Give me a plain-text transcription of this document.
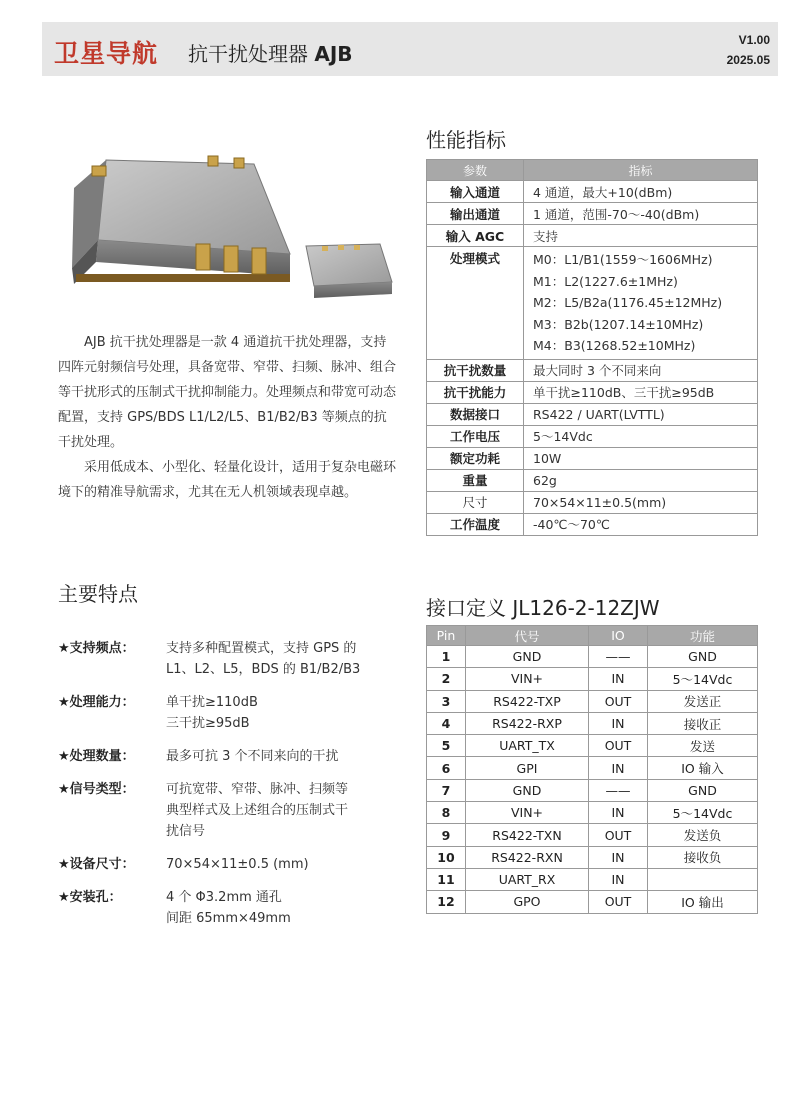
卫星导航 抗干扰处理器 AJB
V1.00
2025.05

AJB 抗干扰处理器是一款 4 通道抗干扰处理器，支持四阵元射频信号处理，具备宽带、窄带、扫频、脉冲、组合等干扰形式的压制式干扰抑制能力。处理频点和带宽可动态配置，支持 GPS/BDS L1/L2/L5、B1/B2/B3 等频点的抗干扰处理。

采用低成本、小型化、轻量化设计，适用于复杂电磁环境下的精准导航需求，尤其在无人机领域表现卓越。

性能指标
参数	指标
输入通道	4 通道，最大+10(dBm)
输出通道	1 通道，范围-70～-40(dBm)
输入 AGC	支持
处理模式	M0：L1/B1(1559～1606MHz)
M1：L2(1227.6±1MHz)
M2：L5/B2a(1176.45±12MHz)
M3：B2b(1207.14±10MHz)
M4：B3(1268.52±10MHz)

抗干扰数量	最大同时 3 个不同来向
抗干扰能力	单干扰≥110dB、三干扰≥95dB
数据接口	RS422 / UART(LVTTL)
工作电压	5～14Vdc
额定功耗	10W
重量	62g
尺寸	70×54×11±0.5(mm)
工作温度	-40℃～70℃
主要特点
★支持频点：	支持多种配置模式，支持 GPS 的
L1、L2、L5，BDS 的 B1/B2/B3
★处理能力：	单干扰≥110dB
三干扰≥95dB
★处理数量：	最多可抗 3 个不同来向的干扰
★信号类型：	可抗宽带、窄带、脉冲、扫频等
典型样式及上述组合的压制式干
扰信号
★设备尺寸：	70×54×11±0.5 (mm)
★安装孔：	4 个 Φ3.2mm 通孔
间距 65mm×49mm
接口定义 JL126-2-12ZJW
Pin	代号	IO	功能
1	GND	——	GND
2	VIN+	IN	5～14Vdc
3	RS422-TXP	OUT	发送正
4	RS422-RXP	IN	接收正
5	UART_TX	OUT	发送
6	GPI	IN	IO 输入
7	GND	——	GND
8	VIN+	IN	5～14Vdc
9	RS422-TXN	OUT	发送负
10	RS422-RXN	IN	接收负
11	UART_RX	IN	
12	GPO	OUT	IO 输出
